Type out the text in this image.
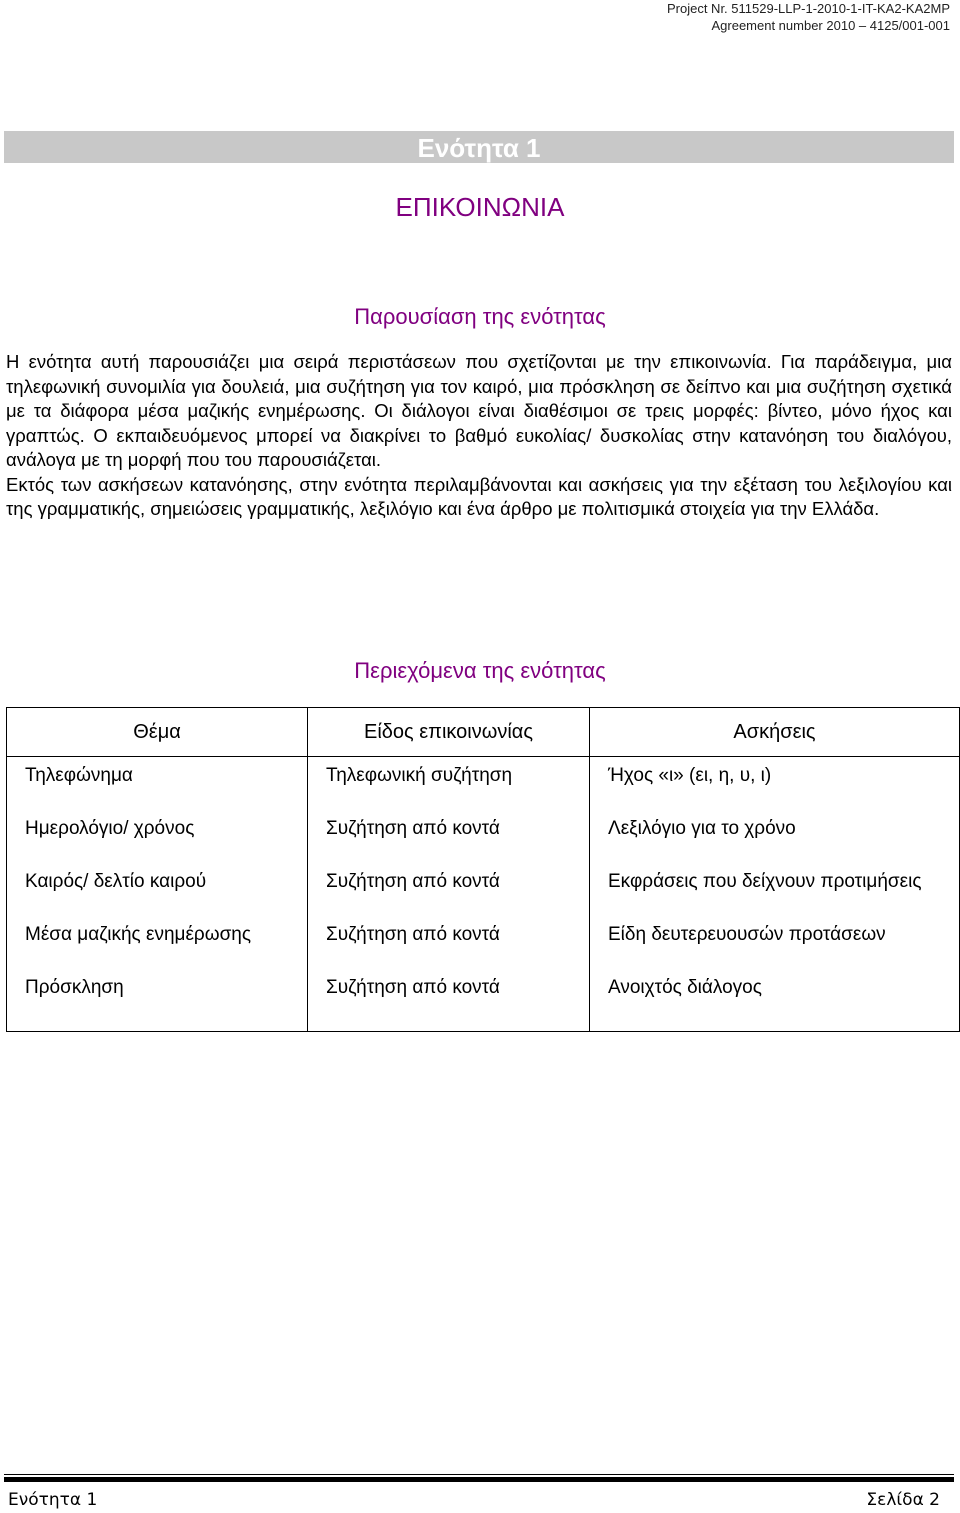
Project Nr. 511529-LLP-1-2010-1-IT-KA2-KA2MP
Agreement number 2010 – 4125/001-001
Ενότητα 1
ΕΠΙΚΟΙΝΩΝΙΑ
Παρουσίαση της ενότητας

Η ενότητα αυτή παρουσιάζει μια σειρά περιστάσεων που σχετίζονται με την επικοινωνία. Για παράδειγμα, μια τηλεφωνική συνομιλία για δουλειά, μια συζήτηση για τον καιρό, μια πρόσκληση σε δείπνο και μια συζήτηση σχετικά με τα διάφορα μέσα μαζικής ενημέρωσης. Οι διάλογοι είναι διαθέσιμοι σε τρεις μορφές: βίντεο, μόνο ήχος και γραπτώς. Ο εκπαιδευόμενος μπορεί να διακρίνει το βαθμό ευκολίας/ δυσκολίας στην κατανόηση του διαλόγου, ανάλογα με τη μορφή που του παρουσιάζεται.

Εκτός των ασκήσεων κατανόησης, στην ενότητα περιλαμβάνονται και ασκήσεις για την εξέταση του λεξιλογίου και της γραμματικής, σημειώσεις γραμματικής, λεξιλόγιο και ένα άρθρο με πολιτισμικά στοιχεία για την Ελλάδα.

Περιεχόμενα της ενότητας
Θέμα	Είδος επικοινωνίας	Ασκήσεις
Τηλεφώνημα	Τηλεφωνική συζήτηση	Ήχος «ι» (ει, η, υ, ι)
Ημερολόγιο/ χρόνος	Συζήτηση από κοντά	Λεξιλόγιο για το χρόνο
Καιρός/ δελτίο καιρού	Συζήτηση από κοντά	Εκφράσεις που δείχνουν προτιμήσεις
Μέσα μαζικής ενημέρωσης	Συζήτηση από κοντά	Είδη δευτερευουσών προτάσεων
Πρόσκληση	Συζήτηση από κοντά	Ανοιχτός διάλογος
Ενότητα 1	Σελίδα 2
